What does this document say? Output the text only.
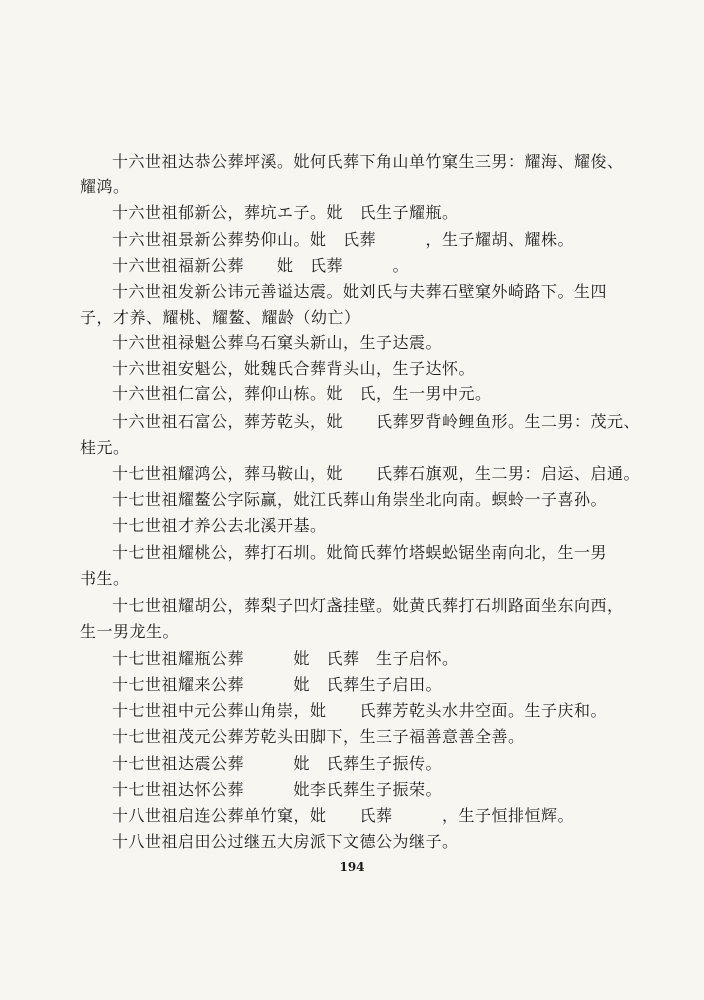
十六世祖达恭公葬坪溪。妣何氏葬下角山单竹窠生三男：耀海、耀俊、
耀鸿。
十六世祖郁新公，葬坑エ子。妣　氏生子耀瓶。
十六世祖景新公葬势仰山。妣　氏葬　　　，生子耀胡、耀株。
十六世祖福新公葬　　妣　氏葬　　　。
十六世祖发新公讳元善谥达震。妣刘氏与夫葬石壁窠外崎路下。生四
子，才养、耀桃、耀鳌、耀龄（幼亡）
十六世祖禄魁公葬乌石窠头新山，生子达震。
十六世祖安魁公，妣魏氏合葬背头山，生子达怀。
十六世祖仁富公，葬仰山栋。妣　氏，生一男中元。
十六世祖石富公，葬芳乾头，妣　　氏葬罗背岭鲤鱼形。生二男：茂元、
桂元。
十七世祖耀鸿公，葬马鞍山，妣　　氏葬石旗观，生二男：启运、启通。
十七世祖耀鳌公字际赢，妣江氏葬山角崇坐北向南。螟蛉一子喜孙。
十七世祖才养公去北溪开基。
十七世祖耀桃公，葬打石圳。妣简氏葬竹塔蜈蚣锯坐南向北，生一男
书生。
十七世祖耀胡公，葬梨子凹灯盏挂壁。妣黄氏葬打石圳路面坐东向西，
生一男龙生。
十七世祖耀瓶公葬　　　妣　氏葬　生子启怀。
十七世祖耀来公葬　　　妣　氏葬生子启田。
十七世祖中元公葬山角崇，妣　　氏葬芳乾头水井空面。生子庆和。
十七世祖茂元公葬芳乾头田脚下，生三子福善意善全善。
十七世祖达震公葬　　　妣　氏葬生子振传。
十七世祖达怀公葬　　　妣李氏葬生子振荣。
十八世祖启连公葬单竹窠，妣　　氏葬　　　，生子恒排恒辉。
十八世祖启田公过继五大房派下文德公为继子。
194
